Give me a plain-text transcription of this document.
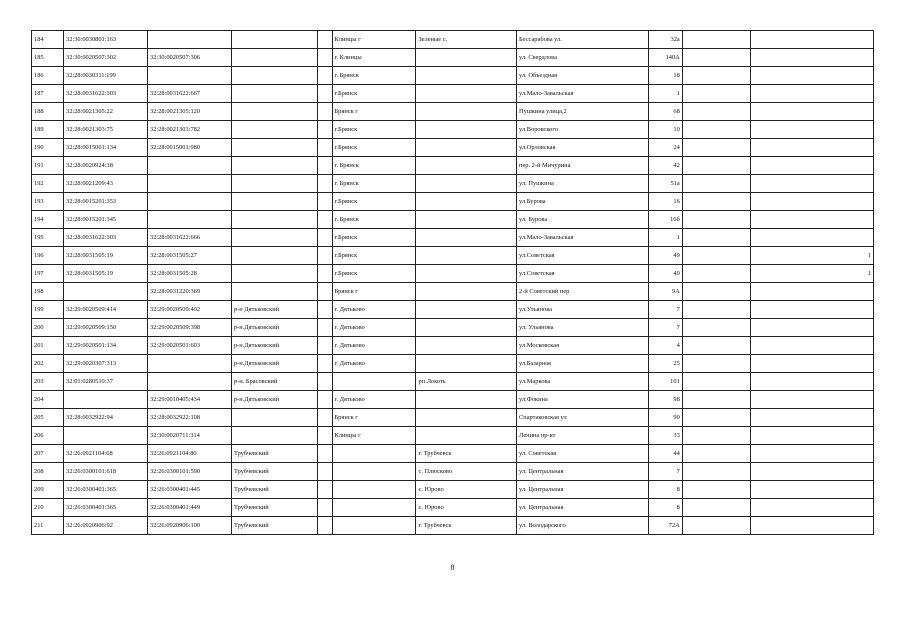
184	32:30:0030801:163				Клинцы г	Зеленые с.	Бессарабова ул.	32а		
185	32:30:0020507:302	32:30:0020507:306			г. Клинцы		ул. Свердлова	140А		
186	32:28:0030311:199				г. Брянск		ул. Объездная	18		
187	32:28:0031622:303	32:28:0031622:667			г.Брянск		ул.Мало-Завальская	1		
188	32:28:0021305:22	32:28:0021305:120			Брянск г		Пушкина улица,2	68		
189	32:28:0021303:75	32:28:0021303:782			г.Брянск		ул.Воровского	10		
190	32:28:0015001:134	32:28:0015001:980			г.Брянск		ул.Орловская	24		
191	32:28:0020924:38				г. Брянск		пер. 2-й Мичурина	42		
192	32:28:0021209:43				г. Брянск		ул. Пушкина	51а		
193	32:28:0015201:353				г.Брянск		ул.Бурова	16		
194	32:28:0015201:345				г. Брянск		ул. Бурова	16б		
195	32:28:0031622:303	32:28:0031622:666			г.Брянск		ул.Мало-Завальская	1		
196	32:28:0031505:19	32:28:0031505:27			г.Брянск		ул.Советская	49		1
197	32:28:0031505:19	32:28:0031505:28			г.Брянск		ул.Советская	49		1
198		32:28:0031220:369			Брянск г		2-й Советский пер	9А		
199	32:29:0020509:414	32:29:0020509:402	р-н Дятьковский		г. Дятьково		ул.Ульянова	7		
200	32:29:0020509:150	32:29:0020509:398	р-н.Дятьковский		г. Дятьково		ул. Ульянова	7		
201	32:29:0020501:134	32:29:0020501:603	р-н.Дятьковский		г. Дятьково		ул.Московская	4		
202	32:29:0020307:313		р-н.Дятьковский		г. Дятьково		ул.Базарная	25		
203	32:01:0280510:37		р-н. Брасовский			рп.Локоть	ул.Маркова	101		
204		32:29:0010405:434	р-н.Дятьковский		г. Дятьково		ул.Фокина	98		
205	32:28:0032922:94	32:28:0032922:108			Брянск г		Спартаковская ул	90		
206		32:30:0020711:314			Клинцы г		Ленина пр-кт	33		
207	32:26:0921104:68	32:26:0921104:80	Трубчевский			г. Трубчевск	ул. Советская	44		
208	32:26:0300101:618	32:26:0300101:590	Трубчевский			с. Плюсково	ул. Центральная	7		
209	32:26:0300401:365	32:26:0300401:445	Трубчевский			с. Юрово	ул. Центральная	8		
210	32:26:0300401:365	32:26:0300401:449	Трубчевский			с. Юрово	ул. Центральная	8		
211	32:26:0920906:92	32:26:0920906:100	Трубчевский			г. Трубчевск	ул. Володарского	72А		
8
